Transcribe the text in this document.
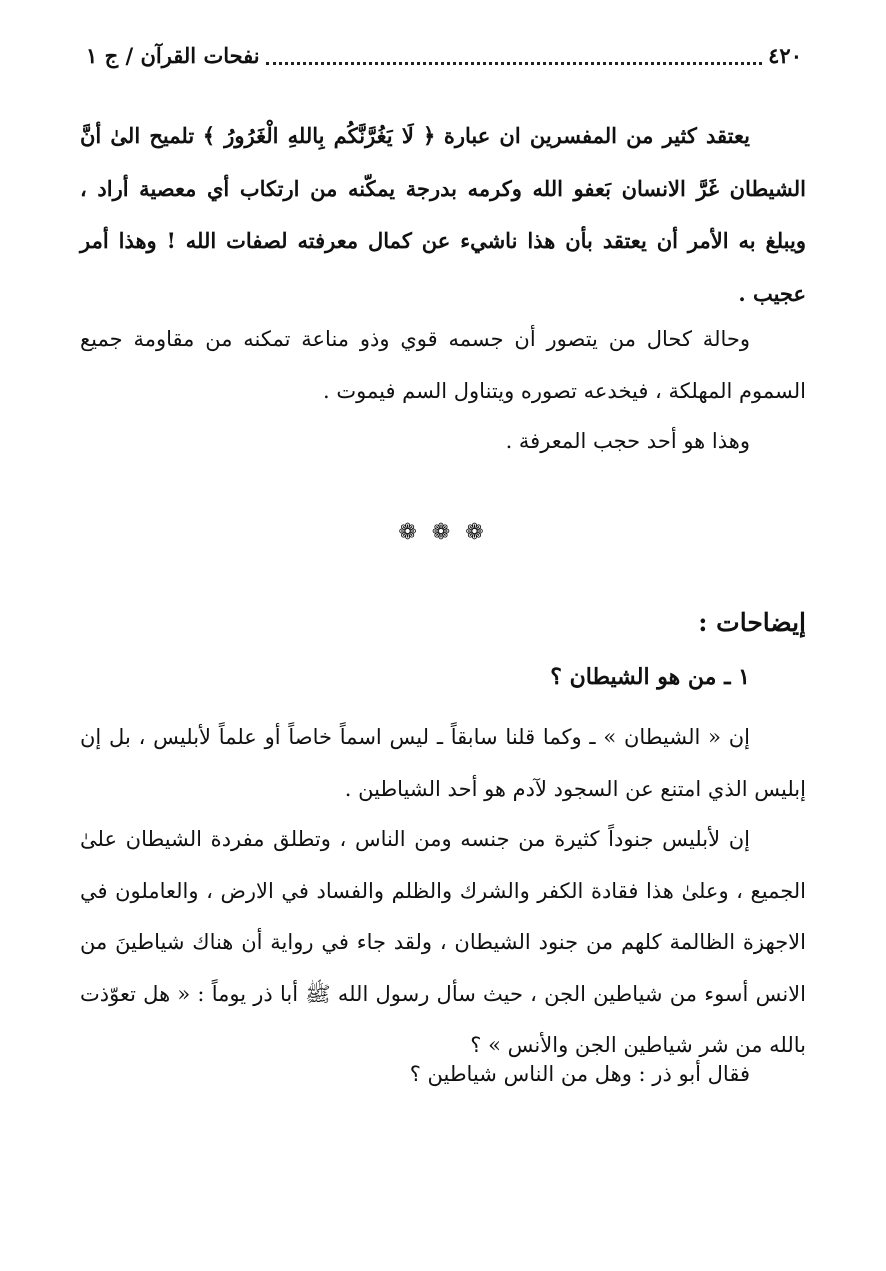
٤٢٠
نفحات القرآن / ج ١

يعتقد كثير من المفسرين ان عبارة ﴿ لَا يَغُرَّنَّكُم بِاللهِ الْغَرُورُ ﴾ تلميح الىٰ أنَّ الشيطان غَرَّ الانسان بَعفو الله وكرمه بدرجة يمكّنه من ارتكاب أي معصية أراد ، ويبلغ به الأمر أن يعتقد بأن هذا ناشيء عن كمال معرفته لصفات الله ! وهذا أمر عجيب .

وحالة كحال من يتصور أن جسمه قوي وذو مناعة تمكنه من مقاومة جميع السموم المهلكة ، فيخدعه تصوره ويتناول السم فيموت .

وهذا هو أحد حجب المعرفة .

❁ ❁ ❁
إيضاحات :
١ ـ من هو الشيطان ؟

إن « الشيطان » ـ وكما قلنا سابقاً ـ ليس اسماً خاصاً أو علماً لأبليس ، بل إن إبليس الذي امتنع عن السجود لآدم هو أحد الشياطين .

إن لأبليس جنوداً كثيرة من جنسه ومن الناس ، وتطلق مفردة الشيطان علىٰ الجميع ، وعلىٰ هذا فقادة الكفر والشرك والظلم والفساد في الارض ، والعاملون في الاجهزة الظالمة كلهم من جنود الشيطان ، ولقد جاء في رواية أن هناك شياطينَ من الانس أسوء من شياطين الجن ، حيث سأل رسول الله ﷺ أبا ذر يوماً : « هل تعوّذت بالله من شر شياطين الجن والأنس » ؟

فقال أبو ذر : وهل من الناس شياطين ؟
